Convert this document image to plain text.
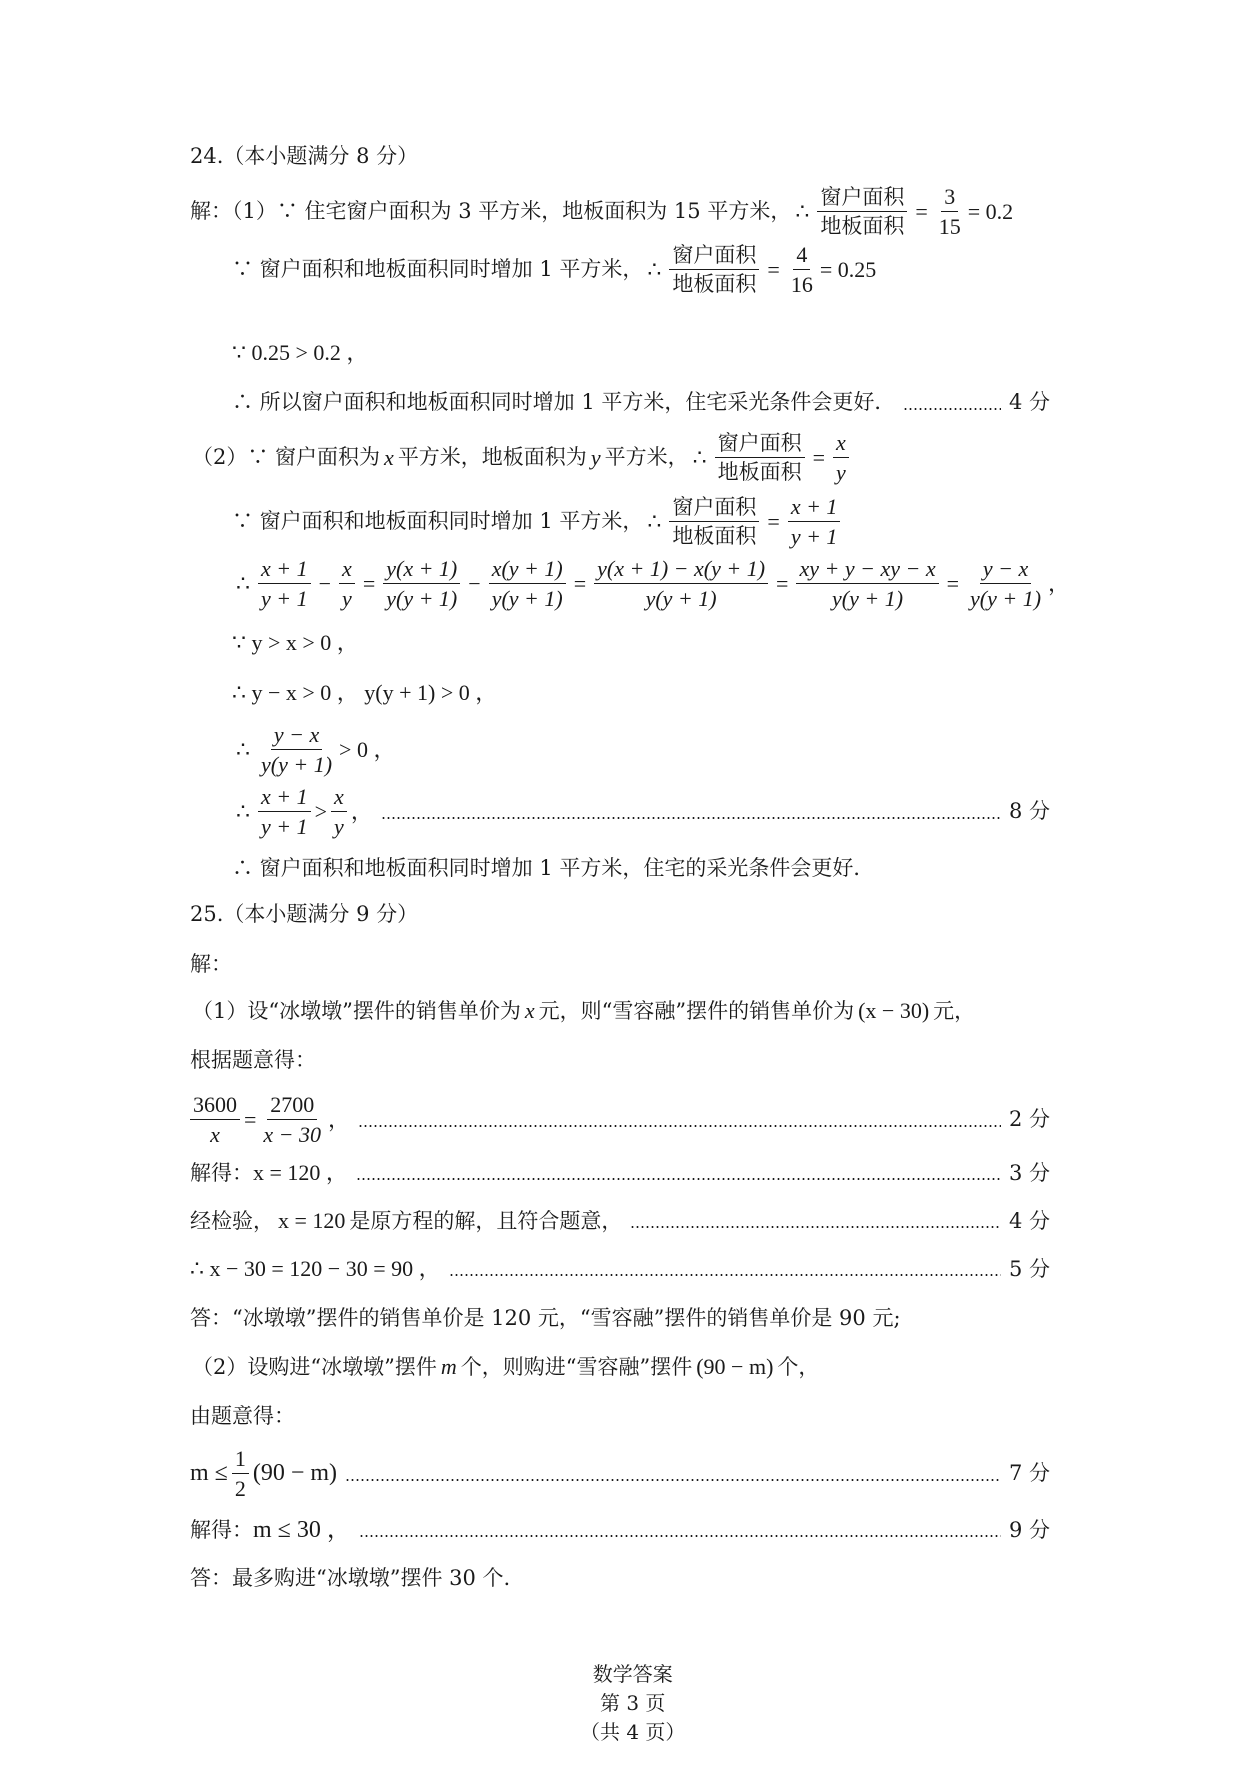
24.（本小题满分 8 分）
解：（1）∵ 住宅窗户面积为 3 平方米，地板面积为 15 平方米， ∴ $\frac{\text{窗户面积}}{\text{地板面积}} = \frac{3}{15} = 0.2$
∵ 窗户面积和地板面积同时增加 1 平方米， ∴ $\frac{\text{窗户面积}}{\text{地板面积}} = \frac{4}{16} = 0.25$
∵ 0.25 > 0.2 ，
∴ 所以窗户面积和地板面积同时增加 1 平方米，住宅采光条件会更好．	4 分
（2）∵ 窗户面积为 x 平方米，地板面积为 y 平方米， ∴ $\frac{\text{窗户面积}}{\text{地板面积}} = \frac{x}{y}$
∵ 窗户面积和地板面积同时增加 1 平方米， ∴ $\frac{\text{窗户面积}}{\text{地板面积}} = \frac{x + 1}{y + 1}$
∴ $\frac{x + 1}{y + 1} - \frac{x}{y} = \frac{y(x + 1)}{y(y + 1)} - \frac{x(y + 1)}{y(y + 1)} = \frac{y(x + 1) - x(y + 1)}{y(y + 1)} = \frac{xy + y - xy - x}{y(y + 1)} = \frac{y - x}{y(y + 1)}$ ，
∵ y > x > 0 ，
∴ y − x > 0 ， y(y + 1) > 0 ，
∴ $\frac{y - x}{y(y + 1)} > 0$ ，
∴ $\frac{x + 1}{y + 1} > \frac{x}{y}$ ，	8 分
∴ 窗户面积和地板面积同时增加 1 平方米，住宅的采光条件会更好．
25.（本小题满分 9 分）
解：
（1）设“冰墩墩”摆件的销售单价为 x 元，则“雪容融”摆件的销售单价为 (x − 30) 元，
根据题意得：
$\frac{3600}{x} = \frac{2700}{x - 30}$ ，	2 分
解得： x = 120 ，	3 分
经检验， x = 120 是原方程的解，且符合题意，	4 分
∴ x − 30 = 120 − 30 = 90 ，	5 分
答：“冰墩墩”摆件的销售单价是 120 元，“雪容融”摆件的销售单价是 90 元;
（2）设购进“冰墩墩”摆件 m 个，则购进“雪容融”摆件 (90 − m) 个，
由题意得：
$m \le \frac{1}{2} (90 - m)$	7 分
解得： m ≤ 30 ，	9 分
答：最多购进“冰墩墩”摆件 30 个.

数学答案
第 3 页
（共 4 页）
